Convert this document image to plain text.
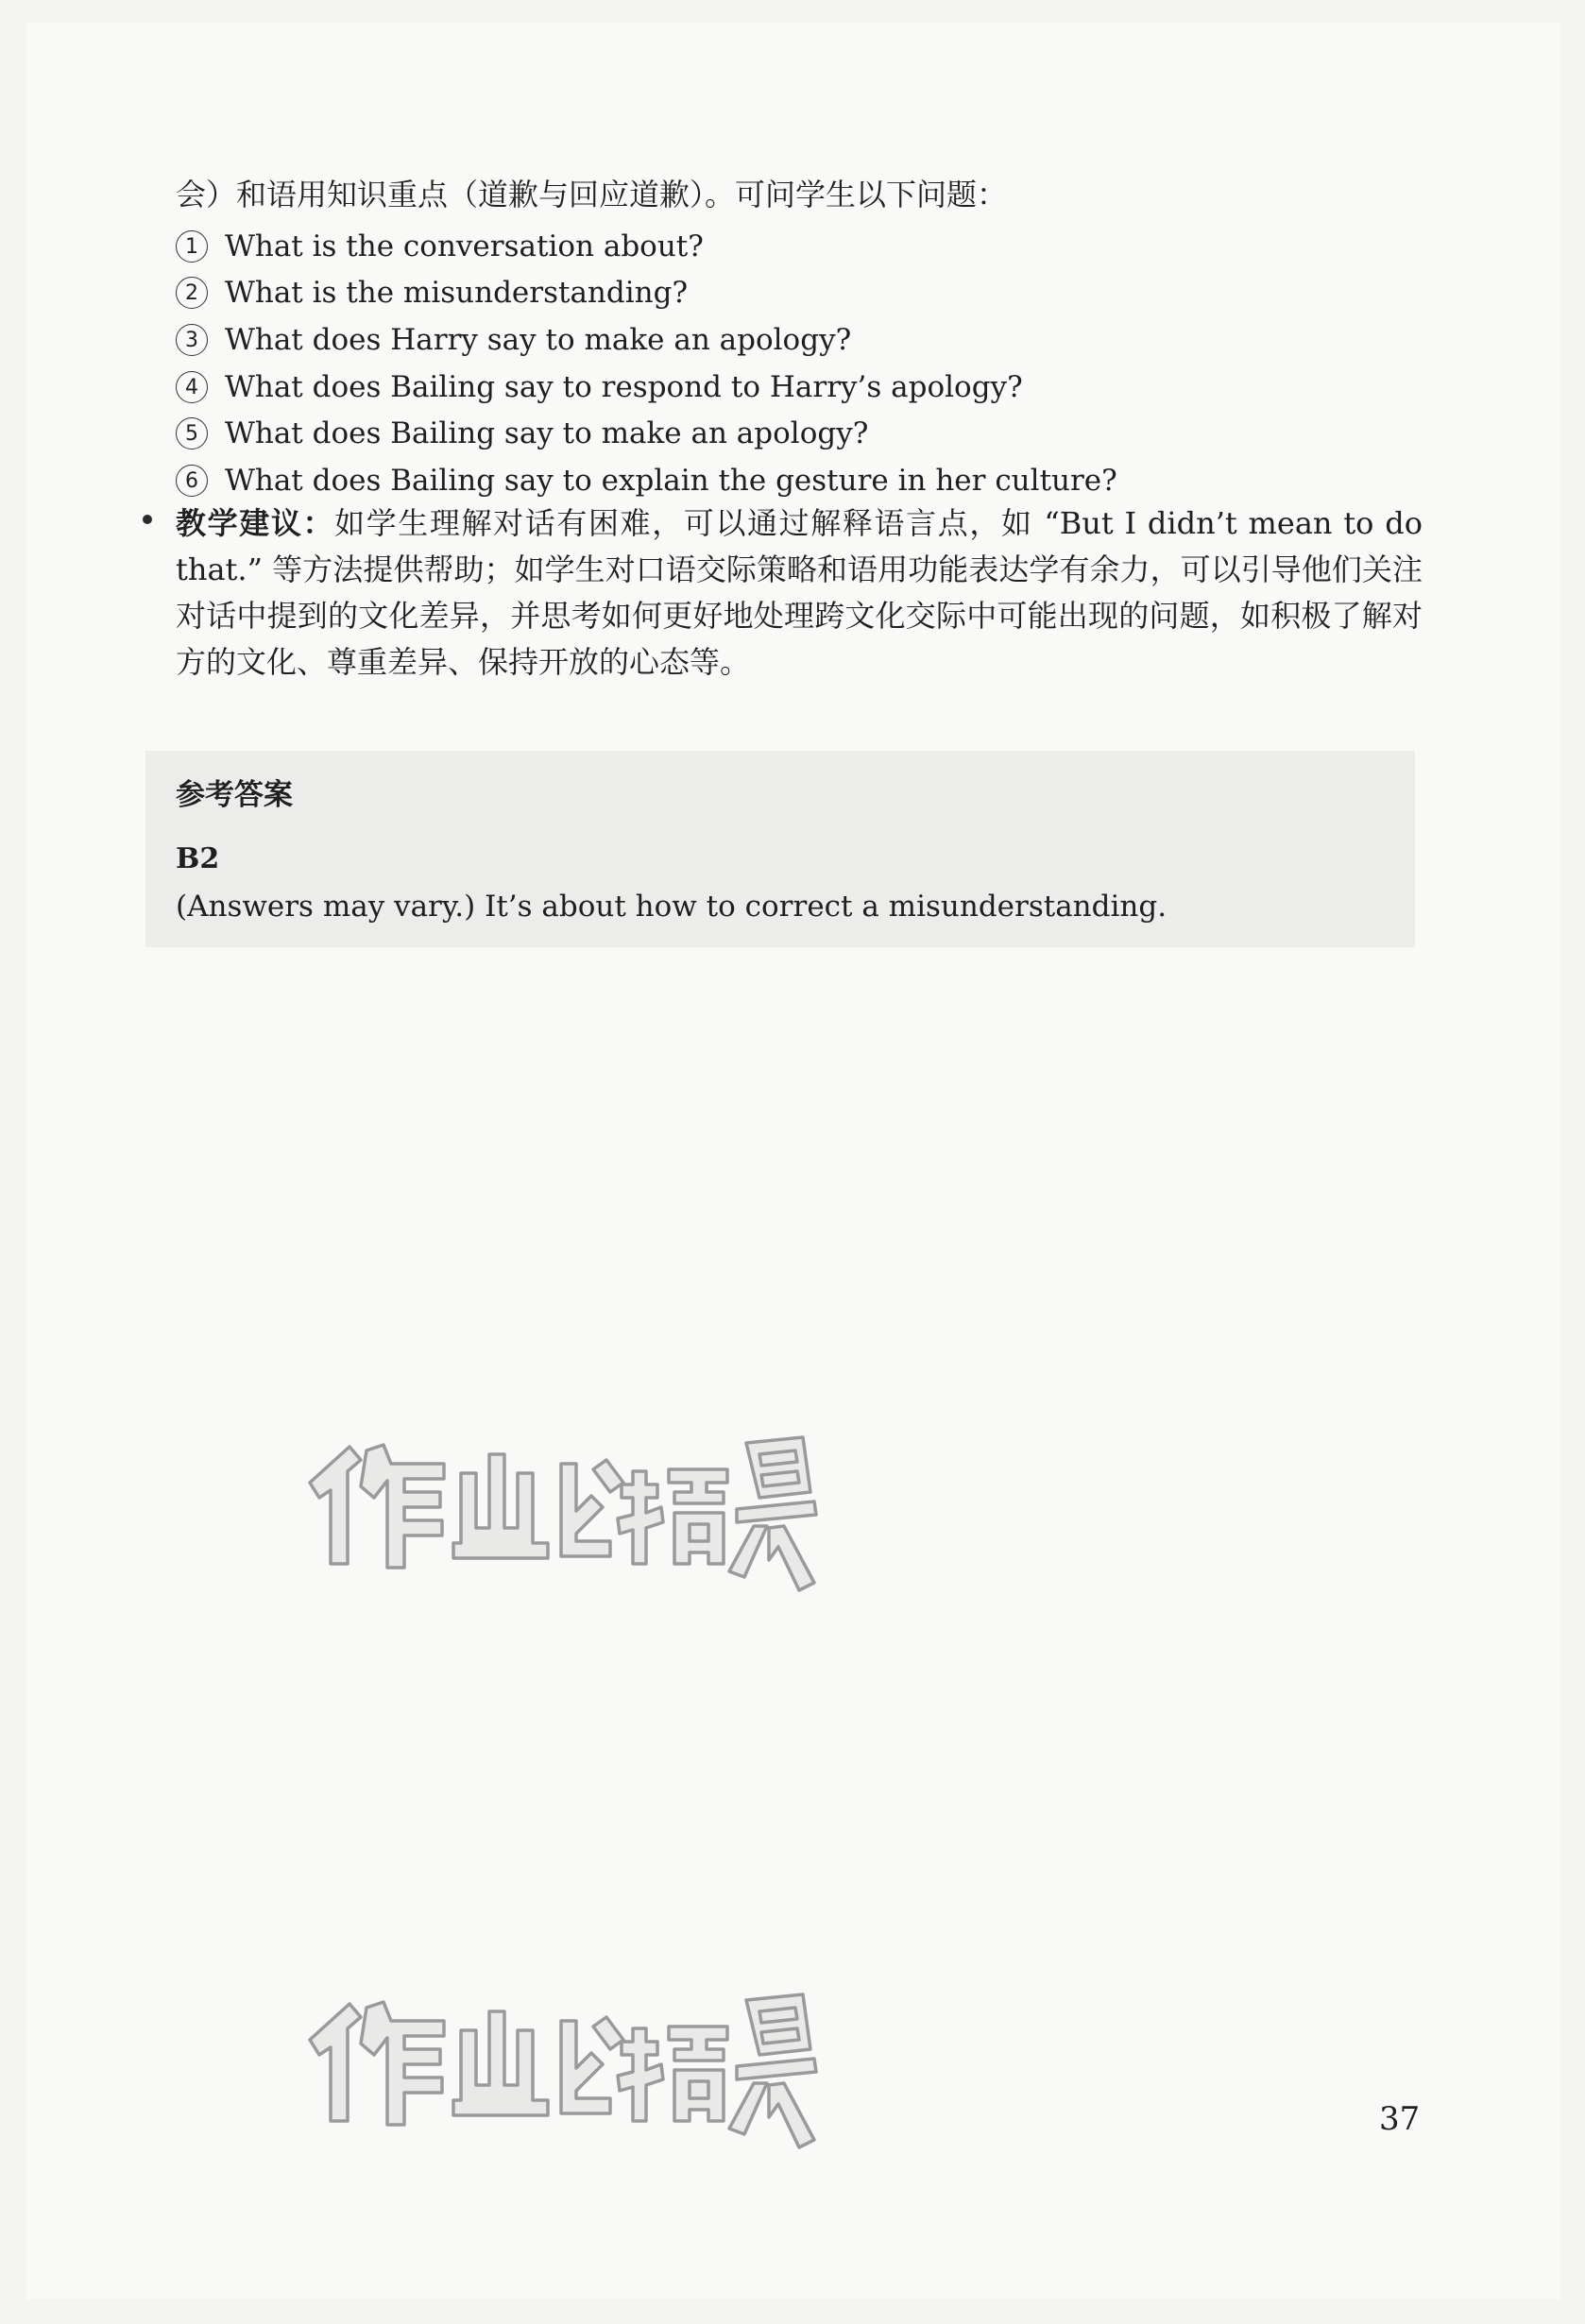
会）和语用知识重点（道歉与回应道歉）。可问学生以下问题：
1 What is the conversation about?
2 What is the misunderstanding?
3 What does Harry say to make an apology?
4 What does Bailing say to respond to Harry’s apology?
5 What does Bailing say to make an apology?
6 What does Bailing say to explain the gesture in her culture?
教学建议：如学生理解对话有困难，可以通过解释语言点，如 “But I didn’t mean to do that.” 等方法提供帮助；如学生对口语交际策略和语用功能表达学有余力，可以引导他们关注对话中提到的文化差异，并思考如何更好地处理跨文化交际中可能出现的问题，如积极了解对方的文化、尊重差异、保持开放的心态等。
参考答案
B2
(Answers may vary.) It’s about how to correct a misunderstanding.
37
